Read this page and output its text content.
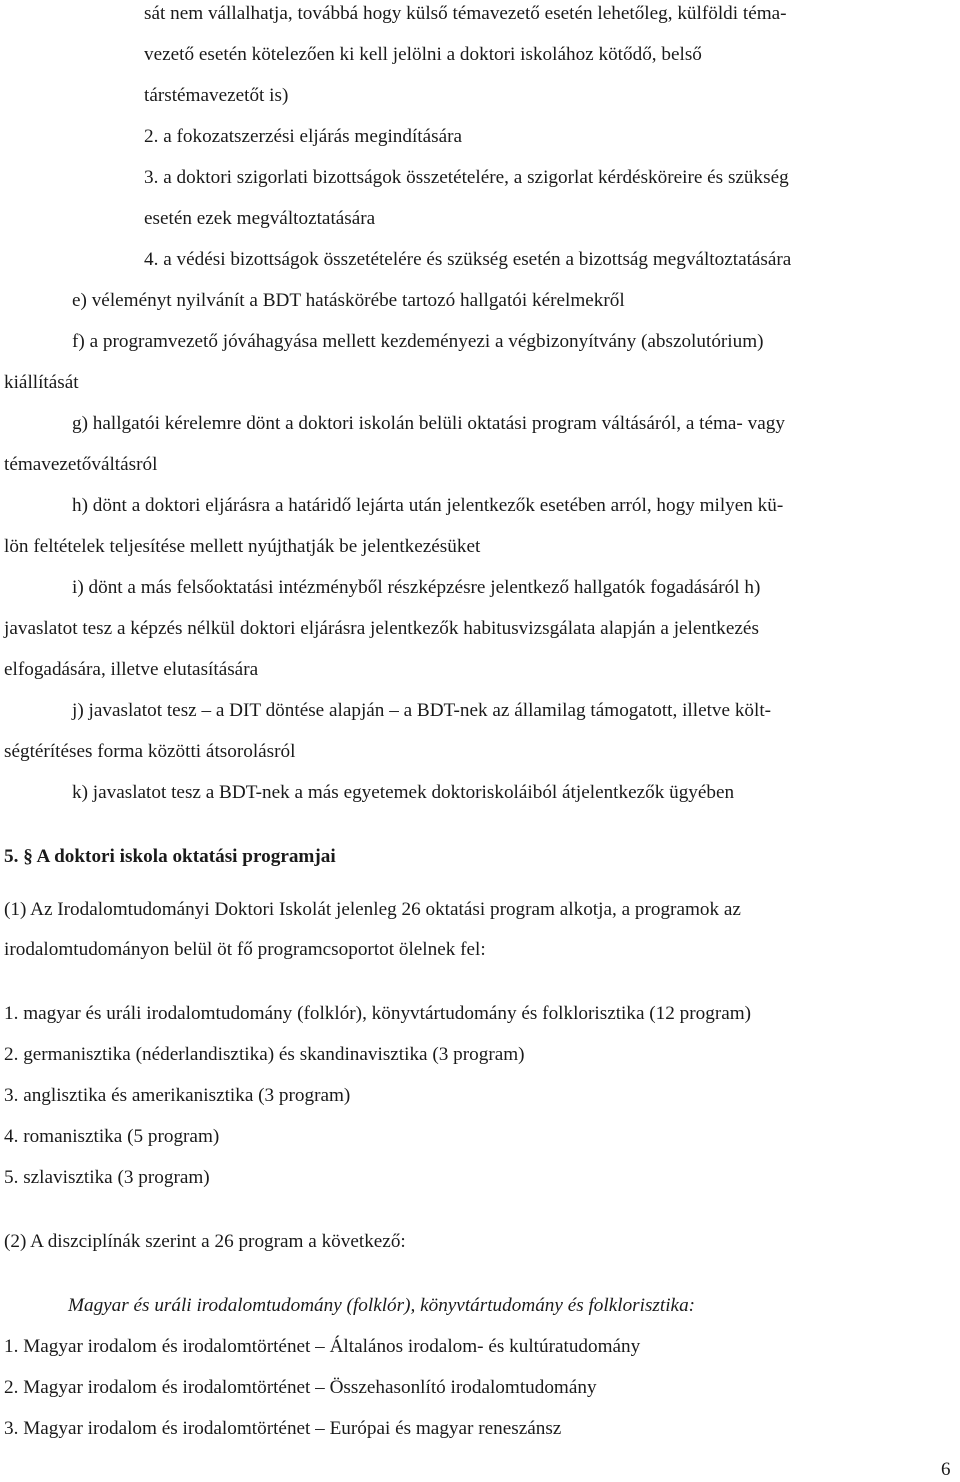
sát nem vállalhatja, továbbá hogy külső témavezető esetén lehetőleg, külföldi téma-

vezető esetén kötelezően ki kell jelölni a doktori iskolához kötődő, belső

társtémavezetőt is)

2. a fokozatszerzési eljárás megindítására

3. a doktori szigorlati bizottságok összetételére, a szigorlat kérdésköreire és szükség

esetén ezek megváltoztatására

4. a védési bizottságok összetételére és szükség esetén a bizottság megváltoztatására

e) véleményt nyilvánít a BDT hatáskörébe tartozó hallgatói kérelmekről

f) a programvezető jóváhagyása mellett kezdeményezi a végbizonyítvány (abszolutórium)

kiállítását

g) hallgatói kérelemre dönt a doktori iskolán belüli oktatási program váltásáról, a téma- vagy

témavezetőváltásról

h) dönt a doktori eljárásra a határidő lejárta után jelentkezők esetében arról, hogy milyen kü-

lön feltételek teljesítése mellett nyújthatják be jelentkezésüket

i) dönt a más felsőoktatási intézményből részképzésre jelentkező hallgatók fogadásáról h)

javaslatot tesz a képzés nélkül doktori eljárásra jelentkezők habitusvizsgálata alapján a jelentkezés

elfogadására, illetve elutasítására

j) javaslatot tesz – a DIT döntése alapján – a BDT-nek az államilag támogatott, illetve költ-

ségtérítéses forma közötti átsorolásról

k) javaslatot tesz a BDT-nek a más egyetemek doktoriskoláiból átjelentkezők ügyében

5. § A doktori iskola oktatási programjai

(1) Az Irodalomtudományi Doktori Iskolát jelenleg 26 oktatási program alkotja, a programok az

irodalomtudományon belül öt fő programcsoportot ölelnek fel:

1. magyar és uráli irodalomtudomány (folklór), könyvtártudomány és folklorisztika (12 program)

2. germanisztika (néderlandisztika) és skandinavisztika (3 program)

3. anglisztika és amerikanisztika (3 program)

4. romanisztika (5 program)

5. szlavisztika (3 program)

(2) A diszciplínák szerint a 26 program a következő:

Magyar és uráli irodalomtudomány (folklór), könyvtártudomány és folklorisztika:

1. Magyar irodalom és irodalomtörténet – Általános irodalom- és kultúratudomány

2. Magyar irodalom és irodalomtörténet – Összehasonlító irodalomtudomány

3. Magyar irodalom és irodalomtörténet – Európai és magyar reneszánsz

6
